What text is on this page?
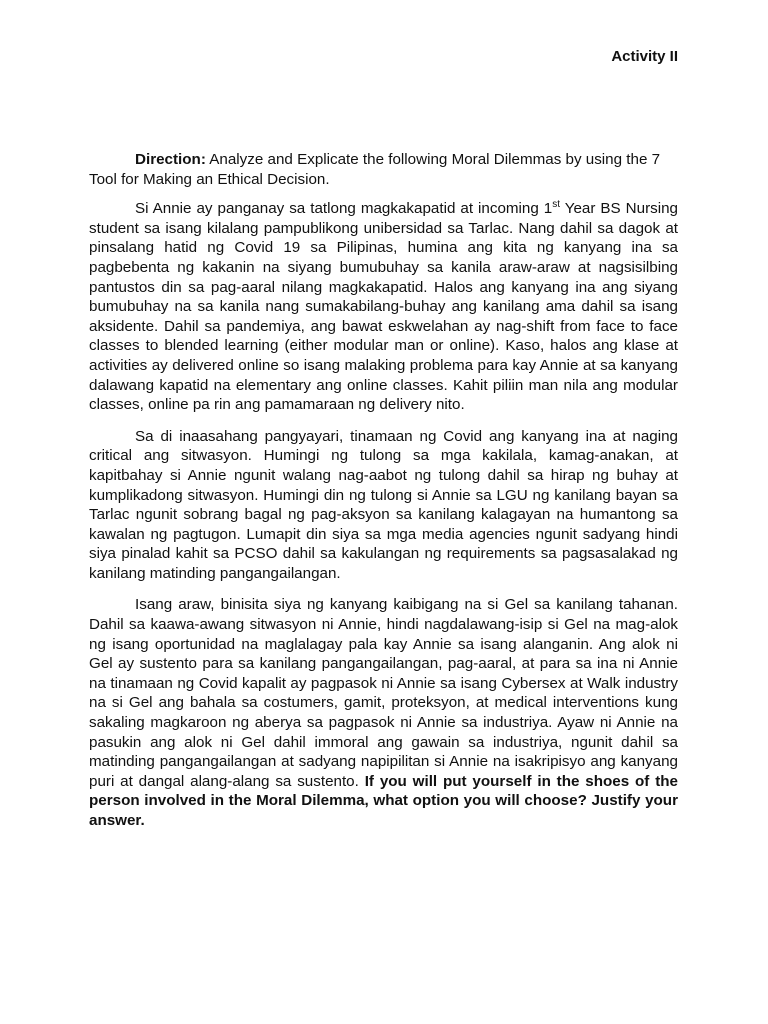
Activity II

Direction: Analyze and Explicate the following Moral Dilemmas by using the 7 Tool for Making an Ethical Decision.

Si Annie ay panganay sa tatlong magkakapatid at incoming 1st Year BS Nursing student sa isang kilalang pampublikong unibersidad sa Tarlac. Nang dahil sa dagok at pinsalang hatid ng Covid 19 sa Pilipinas, humina ang kita ng kanyang ina sa pagbebenta ng kakanin na siyang bumubuhay sa kanila araw-araw at nagsisilbing pantustos din sa pag-aaral nilang magkakapatid. Halos ang kanyang ina ang siyang bumubuhay na sa kanila nang sumakabilang-buhay ang kanilang ama dahil sa isang aksidente. Dahil sa pandemiya, ang bawat eskwelahan ay nag-shift from face to face classes to blended learning (either modular man or online). Kaso, halos ang klase at activities ay delivered online so isang malaking problema para kay Annie at sa kanyang dalawang kapatid na elementary ang online classes. Kahit piliin man nila ang modular classes, online pa rin ang pamamaraan ng delivery nito.

Sa di inaasahang pangyayari, tinamaan ng Covid ang kanyang ina at naging critical ang sitwasyon. Humingi ng tulong sa mga kakilala, kamag-anakan, at kapitbahay si Annie ngunit walang nag-aabot ng tulong dahil sa hirap ng buhay at kumplikadong sitwasyon. Humingi din ng tulong si Annie sa LGU ng kanilang bayan sa Tarlac ngunit sobrang bagal ng pag-aksyon sa kanilang kalagayan na humantong sa kawalan ng pagtugon. Lumapit din siya sa mga media agencies ngunit sadyang hindi siya pinalad kahit sa PCSO dahil sa kakulangan ng requirements sa pagsasalakad ng kanilang matinding pangangailangan.

Isang araw, binisita siya ng kanyang kaibigang na si Gel sa kanilang tahanan. Dahil sa kaawa-awang sitwasyon ni Annie, hindi nagdalawang-isip si Gel na mag-alok ng isang oportunidad na maglalagay pala kay Annie sa isang alanganin. Ang alok ni Gel ay sustento para sa kanilang pangangailangan, pag-aaral, at para sa ina ni Annie na tinamaan ng Covid kapalit ay pagpasok ni Annie sa isang Cybersex at Walk industry na si Gel ang bahala sa costumers, gamit, proteksyon, at medical interventions kung sakaling magkaroon ng aberya sa pagpasok ni Annie sa industriya. Ayaw ni Annie na pasukin ang alok ni Gel dahil immoral ang gawain sa industriya, ngunit dahil sa matinding pangangailangan at sadyang napipilitan si Annie na isakripisyo ang kanyang puri at dangal alang-alang sa sustento. If you will put yourself in the shoes of the person involved in the Moral Dilemma, what option you will choose? Justify your answer.
